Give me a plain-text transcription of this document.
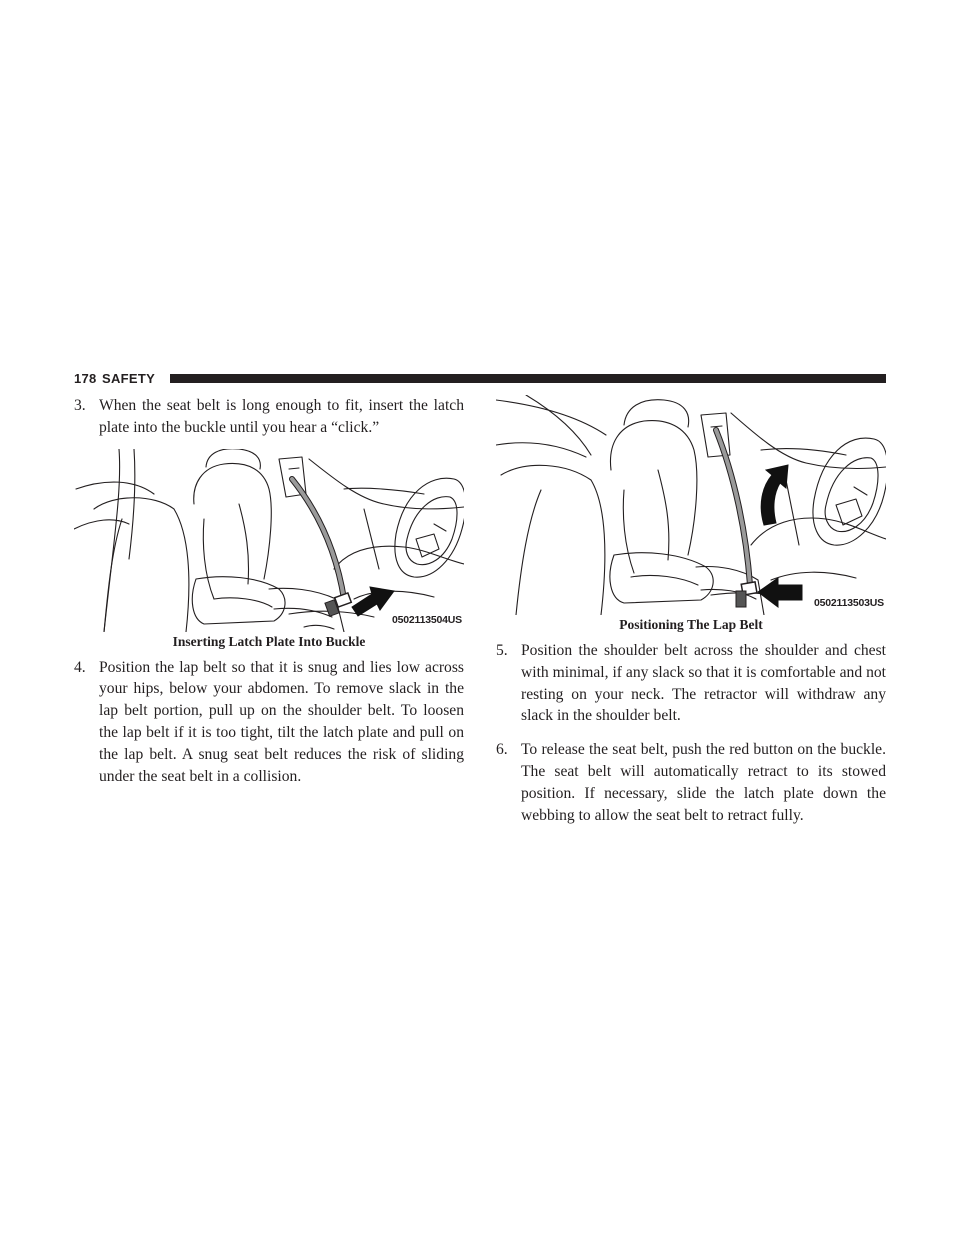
178 SAFETY

3. When the seat belt is long enough to fit, insert the latch plate into the buckle until you hear a “click.”

0502113504US
Inserting Latch Plate Into Buckle

4. Position the lap belt so that it is snug and lies low across your hips, below your abdomen. To remove slack in the lap belt portion, pull up on the shoulder belt. To loosen the lap belt if it is too tight, tilt the latch plate and pull on the lap belt. A snug seat belt reduces the risk of sliding under the seat belt in a collision.

0502113503US
Positioning The Lap Belt

5. Position the shoulder belt across the shoulder and chest with minimal, if any slack so that it is comfortable and not resting on your neck. The retractor will withdraw any slack in the shoulder belt.

6. To release the seat belt, push the red button on the buckle. The seat belt will automatically retract to its stowed position. If necessary, slide the latch plate down the webbing to allow the seat belt to retract fully.
